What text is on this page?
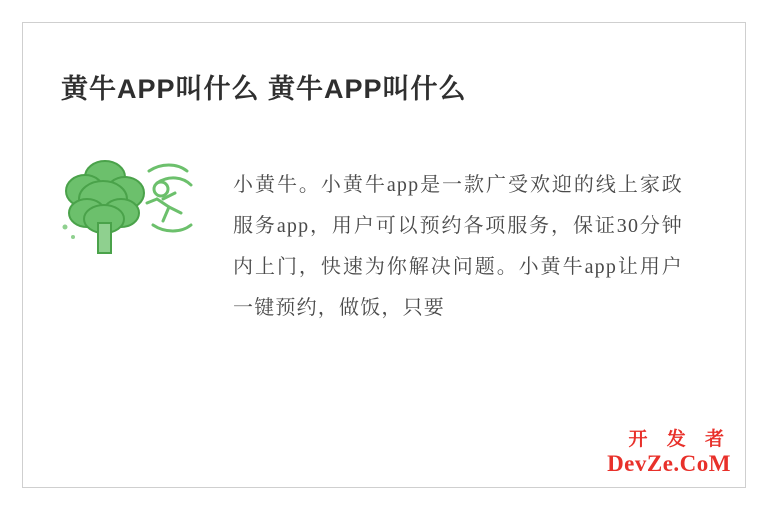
黄牛APP叫什么 黄牛APP叫什么
小黄牛。小黄牛app是一款广受欢迎的线上家政服务app，用户可以预约各项服务，保证30分钟内上门，快速为你解决问题。小黄牛app让用户一键预约，做饭，只要
开 发 者
DevZe.CoM
